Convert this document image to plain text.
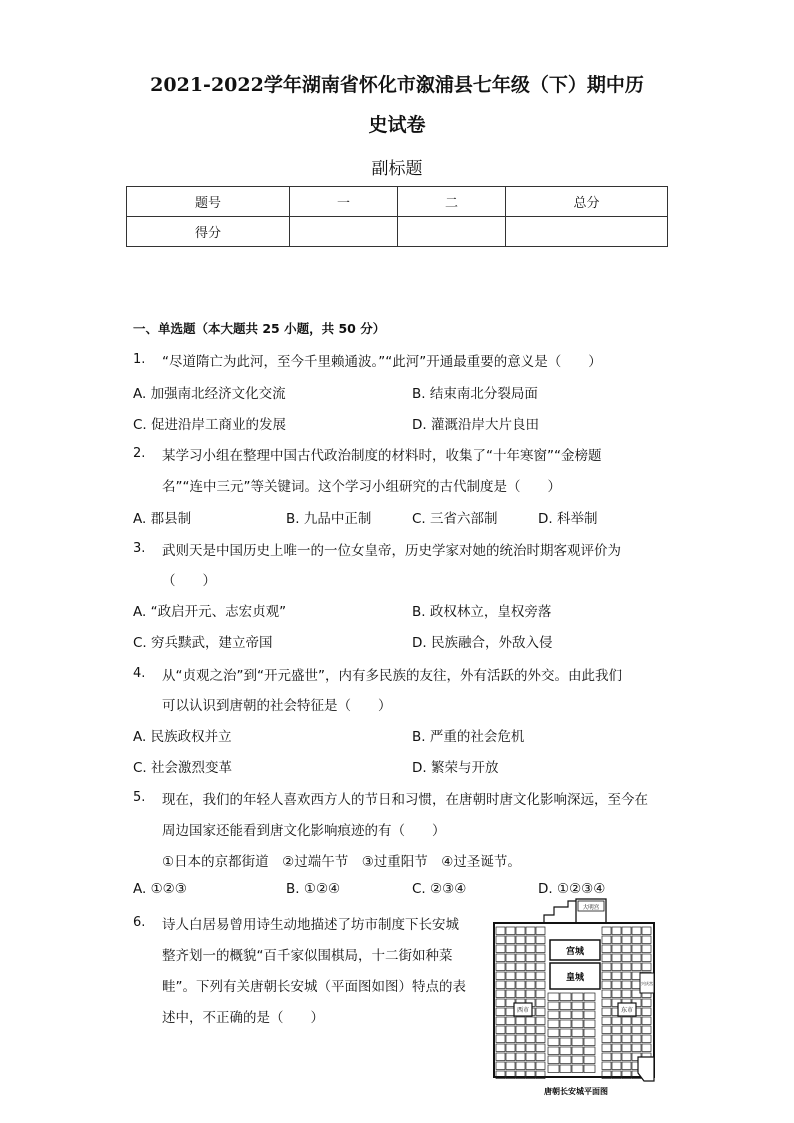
2021-2022学年湖南省怀化市溆浦县七年级（下）期中历
史试卷
副标题
题号	一	二	总分
得分			
一、单选题（本大题共 25 小题，共 50 分）
1. “尽道隋亡为此河，至今千里赖通波。”“此河”开通最重要的意义是（　　）
A. 加强南北经济文化交流	B. 结束南北分裂局面
C. 促进沿岸工商业的发展	D. 灌溉沿岸大片良田
2. 某学习小组在整理中国古代政治制度的材料时，收集了“十年寒窗”“金榜题
名”“连中三元”等关键词。这个学习小组研究的古代制度是（　　）
A. 郡县制	B. 九品中正制	C. 三省六部制	D. 科举制
3. 武则天是中国历史上唯一的一位女皇帝，历史学家对她的统治时期客观评价为
（　　）
A. “政启开元、志宏贞观”	B. 政权林立，皇权旁落
C. 穷兵黩武，建立帝国	D. 民族融合，外敌入侵
4. 从“贞观之治”到“开元盛世”，内有多民族的友往，外有活跃的外交。由此我们
可以认识到唐朝的社会特征是（　　）
A. 民族政权并立	B. 严重的社会危机
C. 社会激烈变革	D. 繁荣与开放
5. 现在，我们的年轻人喜欢西方人的节日和习惯，在唐朝时唐文化影响深远，至今在
周边国家还能看到唐文化影响痕迹的有（　　）
①日本的京都街道　②过端午节　③过重阳节　④过圣诞节。
A. ①②③	B. ①②④	C. ②③④	D. ①②③④
6. 诗人白居易曾用诗生动地描述了坊市制度下长安城
整齐划一的概貌“百千家似围棋局，十二街如种菜
畦”。下列有关唐朝长安城（平面图如图）特点的表
述中，不正确的是（　　）
大明宫
宫城
皇城
西市	东市
兴庆宫
唐朝长安城平面图
